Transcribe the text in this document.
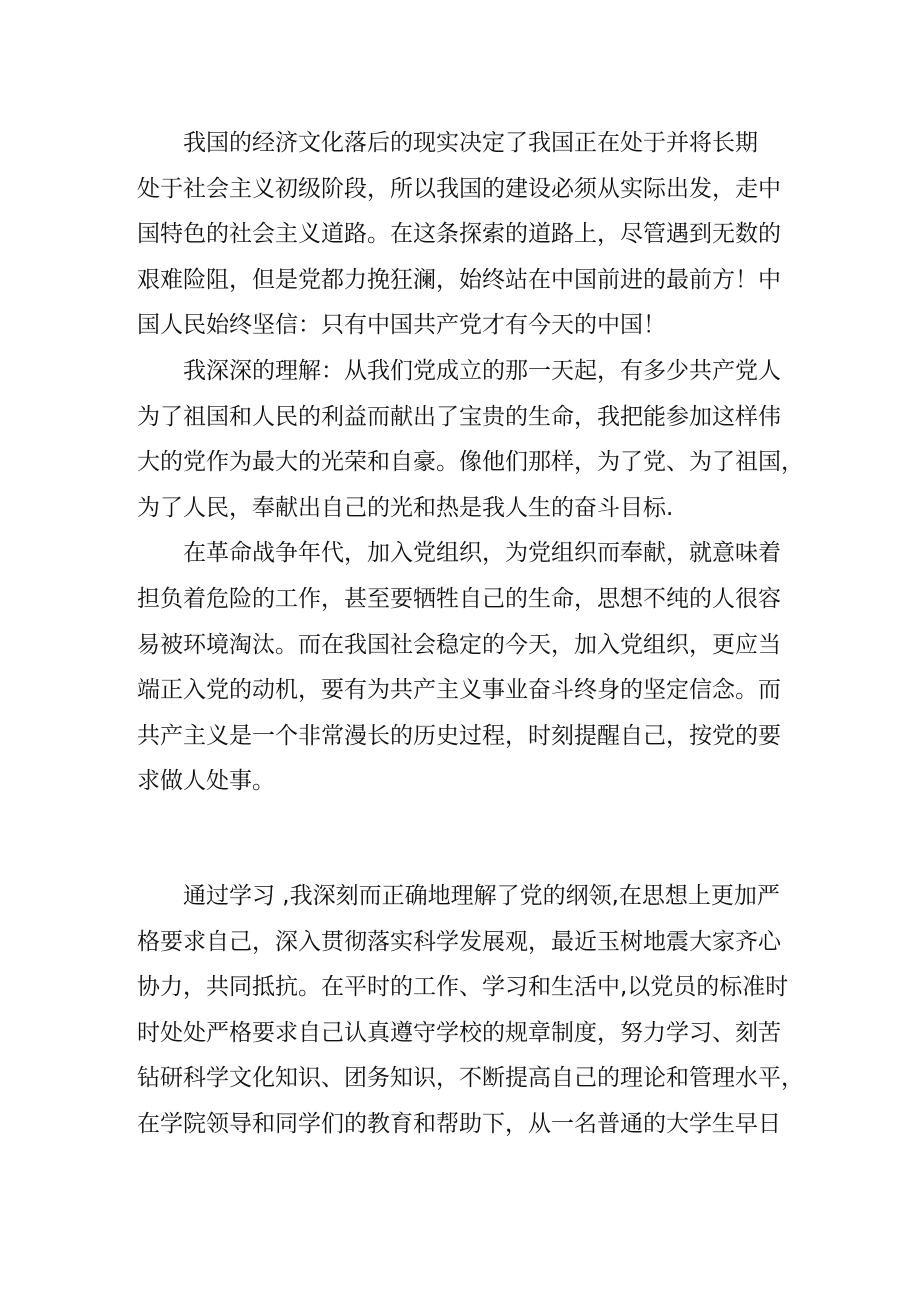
我国的经济文化落后的现实决定了我国正在处于并将长期
处于社会主义初级阶段，所以我国的建设必须从实际出发，走中
国特色的社会主义道路。在这条探索的道路上，尽管遇到无数的
艰难险阻，但是党都力挽狂澜，始终站在中国前进的最前方！中
国人民始终坚信：只有中国共产党才有今天的中国！
我深深的理解：从我们党成立的那一天起，有多少共产党人
为了祖国和人民的利益而献出了宝贵的生命，我把能参加这样伟
大的党作为最大的光荣和自豪。像他们那样，为了党、为了祖国，
为了人民，奉献出自己的光和热是我人生的奋斗目标.
在革命战争年代，加入党组织，为党组织而奉献，就意味着
担负着危险的工作，甚至要牺牲自己的生命，思想不纯的人很容
易被环境淘汰。而在我国社会稳定的今天，加入党组织，更应当
端正入党的动机，要有为共产主义事业奋斗终身的坚定信念。而
共产主义是一个非常漫长的历史过程，时刻提醒自己，按党的要
求做人处事。
通过学习 ,我深刻而正确地理解了党的纲领,在思想上更加严
格要求自己，深入贯彻落实科学发展观，最近玉树地震大家齐心
协力，共同抵抗。在平时的工作、学习和生活中,以党员的标准时
时处处严格要求自己认真遵守学校的规章制度，努力学习、刻苦
钻研科学文化知识、团务知识，不断提高自己的理论和管理水平，
在学院领导和同学们的教育和帮助下，从一名普通的大学生早日
